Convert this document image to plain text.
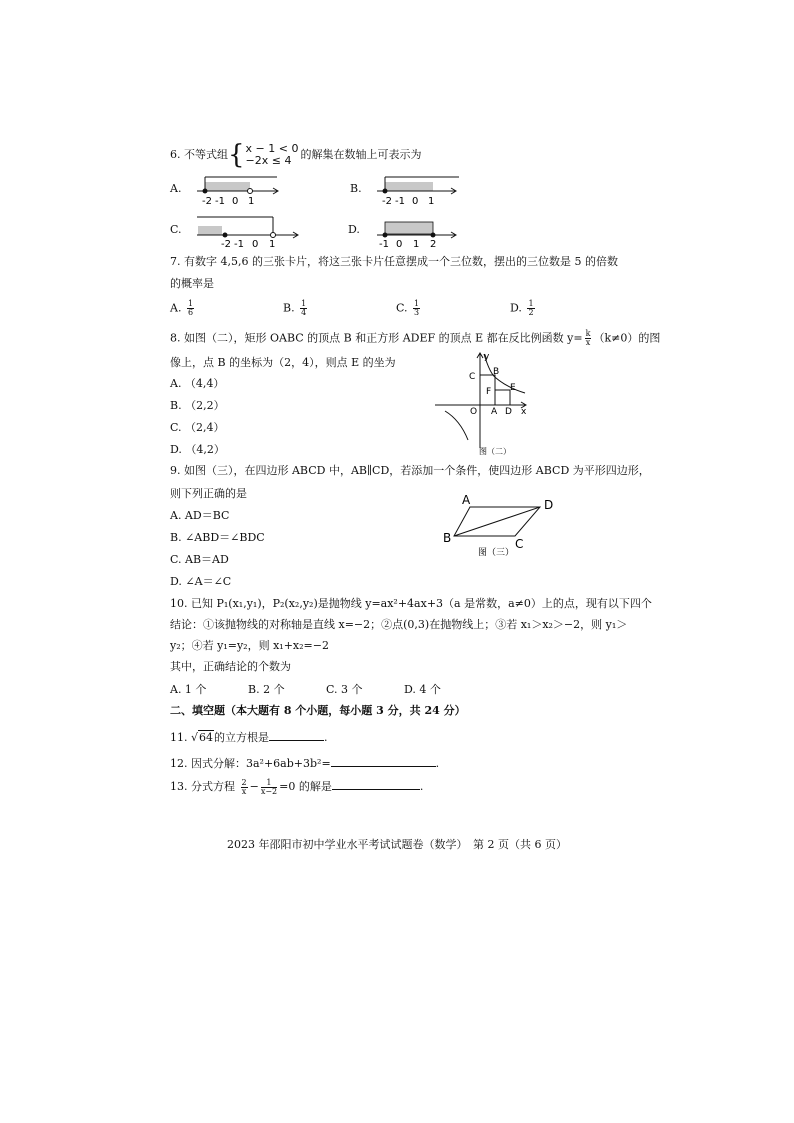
6. 不等式组{ x − 1 < 0
−2x ≤ 4 的解集在数轴上可表示为
A.
-2 -1 0 1
B.
-2 -1 0 1
C.
-2 -1 0 1
D.
-1 0 1 2
7. 有数字 4,5,6 的三张卡片，将这三张卡片任意摆成一个三位数，摆出的三位数是 5 的倍数
的概率是
A. $\frac{1}{6}$	B. $\frac{1}{4}$	C. $\frac{1}{3}$	D. $\frac{1}{2}$
8. 如图（二），矩形 OABC 的顶点 B 和正方形 ADEF 的顶点 E 都在反比例函数 $y= \frac{k}{x} (k\ne 0)$的图
像上，点 B 的坐标为（2，4），则点 E 的坐为
A. （4,4）
B. （2,2）
C. （2,4）
D. （4,2）
y
x
C B
F E
O A D
图（二）
9. 如图（三），在四边形 ABCD 中，AB∥CD，若添加一个条件，使四边形 ABCD 为平形四边形，
则下列正确的是
A. AD＝BC
B. ∠ABD＝∠BDC
C. AB＝AD
D. ∠A＝∠C
A	D
B	C
图（三）
10. 已知 P₁(x₁,y₁)，P₂(x₂,y₂)是抛物线 y=ax²+4ax+3（a 是常数，a≠0）上的点，现有以下四个
结论：①该抛物线的对称轴是直线 x=−2；②点(0,3)在抛物线上；③若 x₁＞x₂＞−2，则 y₁＞
y₂；④若 y₁=y₂，则 x₁+x₂=−2
其中，正确结论的个数为
A. 1 个	B. 2 个	C. 3 个	D. 4 个
二、填空题（本大题有 8 个小题，每小题 3 分，共 24 分）
11. √64的立方根是	.
12. 因式分解：3a²+6ab+3b²=	.
13. 分式方程 $\frac{2}{x} - \frac{1}{x-2} =0$ 的解是	.
2023 年邵阳市初中学业水平考试试题卷（数学）　第 2 页（共 6 页）
